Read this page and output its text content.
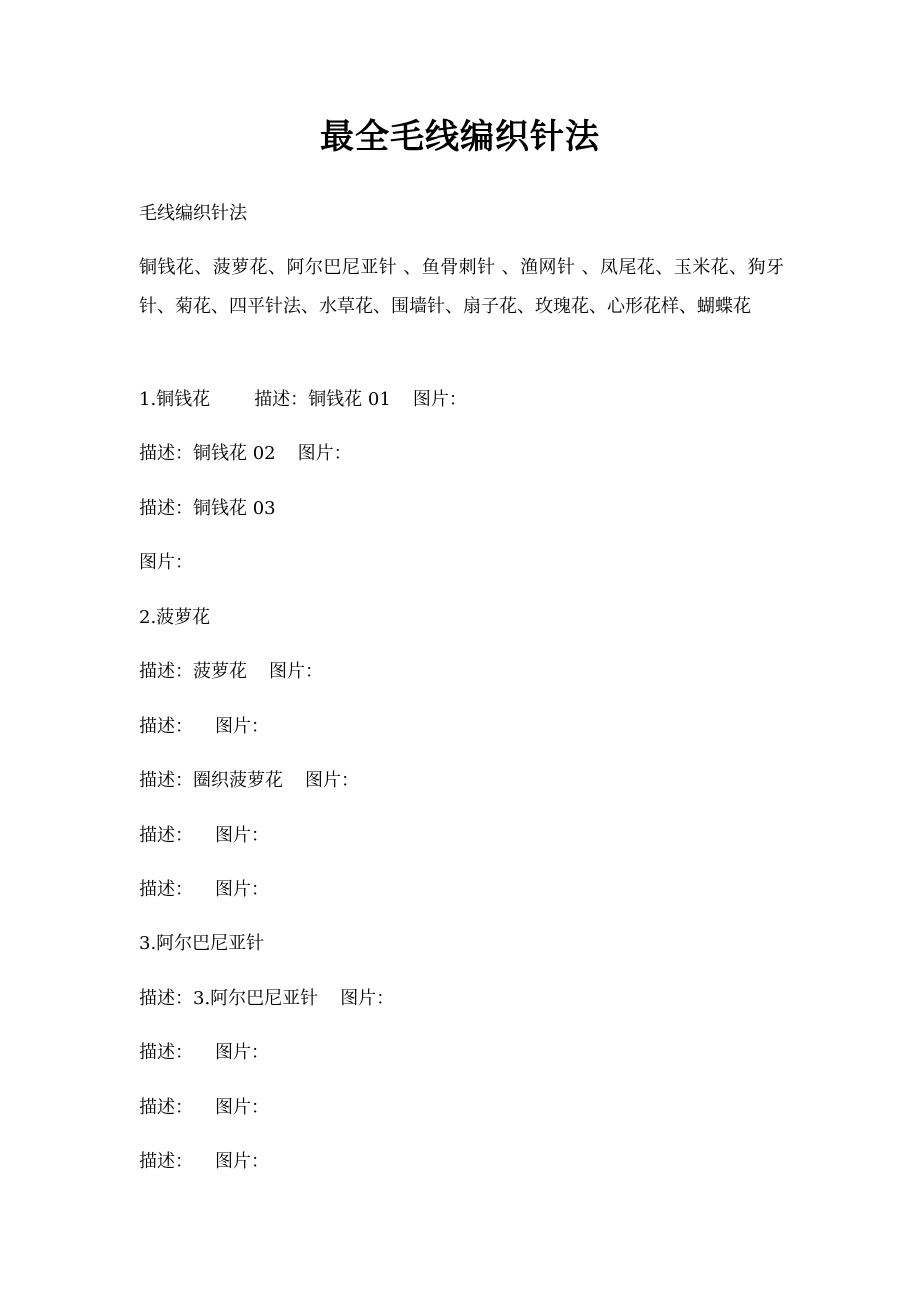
最全毛线编织针法
毛线编织针法
铜钱花、菠萝花、阿尔巴尼亚针 、鱼骨刺针 、渔网针 、凤尾花、玉米花、狗牙针、菊花、四平针法、水草花、围墙针、扇子花、玫瑰花、心形花样、蝴蝶花
1.铜钱花 描述：铜钱花 01 图片：
描述：铜钱花 02 图片：
描述：铜钱花 03
图片：
2.菠萝花
描述：菠萝花 图片：
描述： 图片：
描述：圈织菠萝花 图片：
描述： 图片：
描述： 图片：
3.阿尔巴尼亚针
描述：3.阿尔巴尼亚针 图片：
描述： 图片：
描述： 图片：
描述： 图片：
